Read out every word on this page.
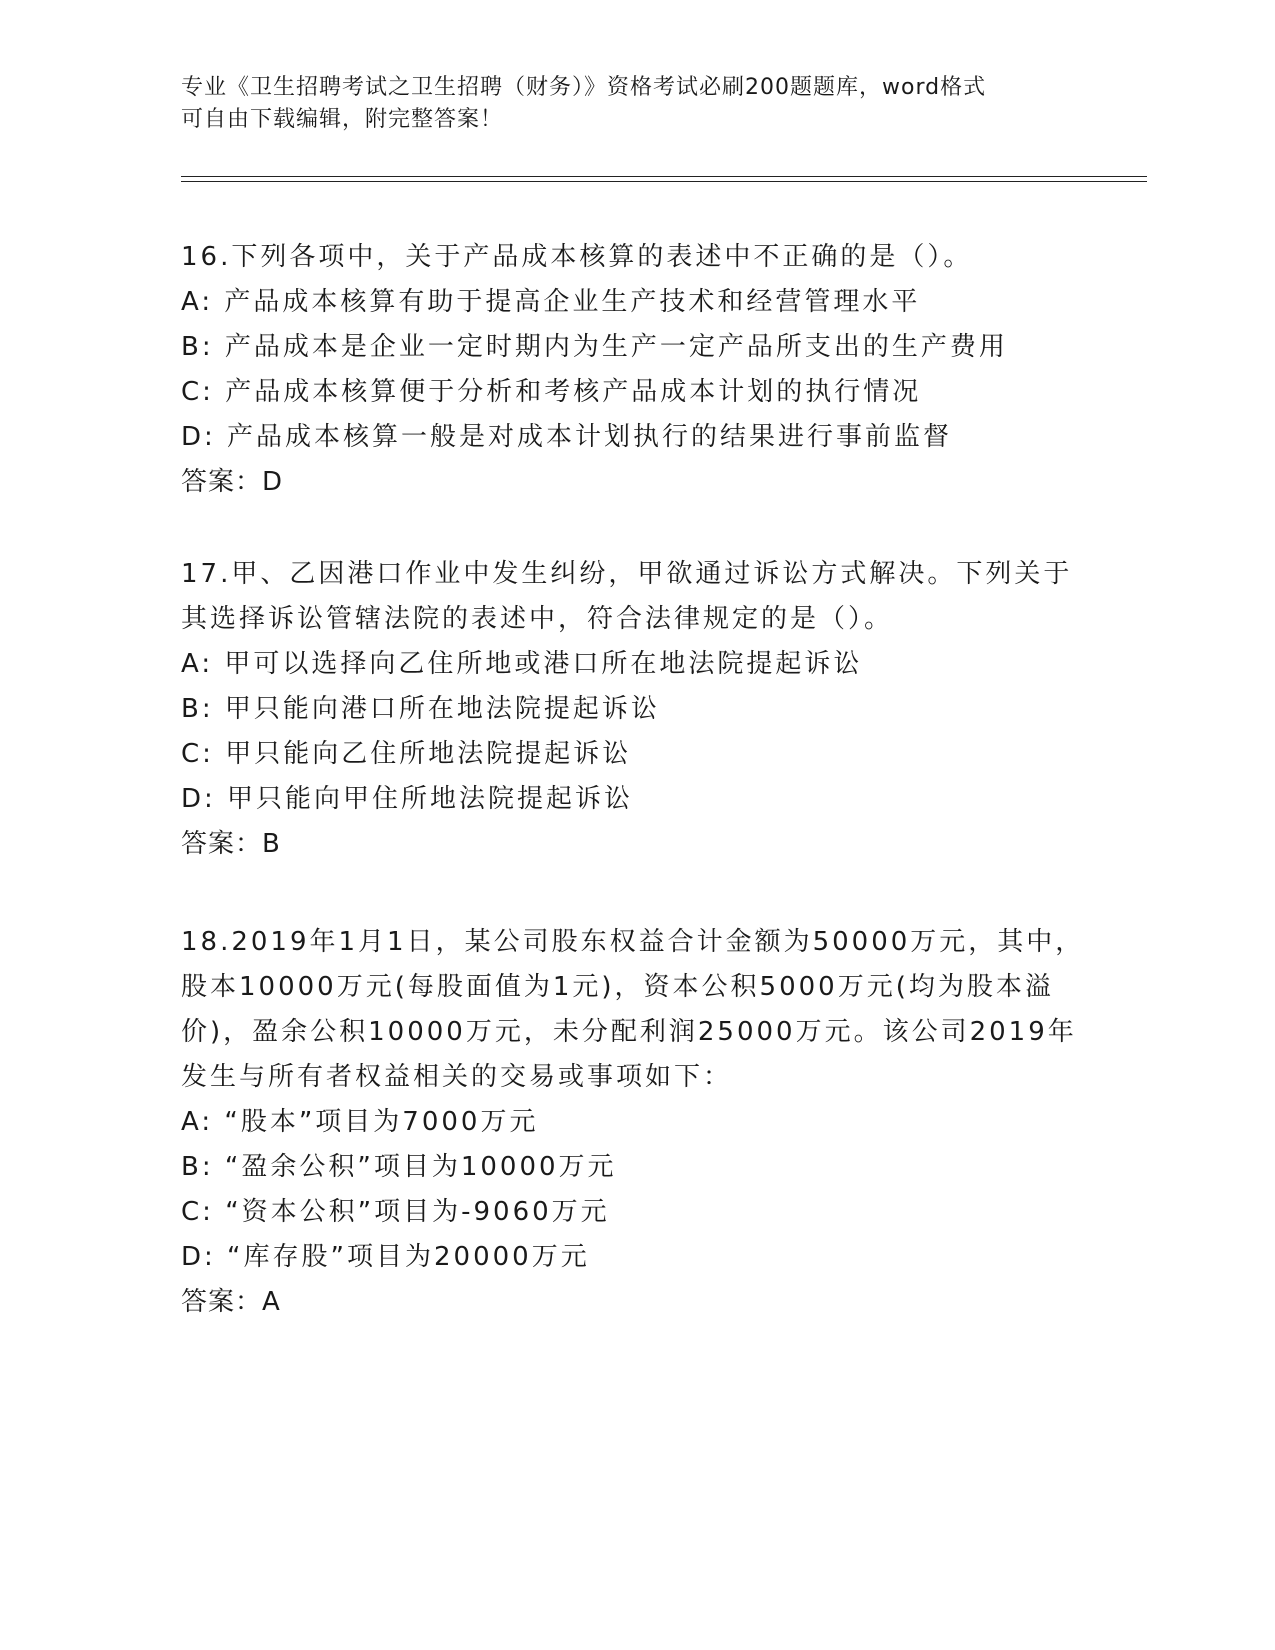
专业《卫生招聘考试之卫生招聘（财务）》资格考试必刷200题题库，word格式
可自由下载编辑，附完整答案！
16.下列各项中，关于产品成本核算的表述中不正确的是（）。
A: 产品成本核算有助于提高企业生产技术和经营管理水平
B: 产品成本是企业一定时期内为生产一定产品所支出的生产费用
C: 产品成本核算便于分析和考核产品成本计划的执行情况
D: 产品成本核算一般是对成本计划执行的结果进行事前监督
答案：D
17.甲、乙因港口作业中发生纠纷，甲欲通过诉讼方式解决。下列关于
其选择诉讼管辖法院的表述中，符合法律规定的是（）。
A: 甲可以选择向乙住所地或港口所在地法院提起诉讼
B: 甲只能向港口所在地法院提起诉讼
C: 甲只能向乙住所地法院提起诉讼
D: 甲只能向甲住所地法院提起诉讼
答案：B
18.2019年1月1日，某公司股东权益合计金额为50000万元，其中，
股本10000万元(每股面值为1元)，资本公积5000万元(均为股本溢
价)，盈余公积10000万元，未分配利润25000万元。该公司2019年
发生与所有者权益相关的交易或事项如下：
A: “股本”项目为7000万元
B: “盈余公积”项目为10000万元
C: “资本公积”项目为-9060万元
D: “库存股”项目为20000万元
答案：A
